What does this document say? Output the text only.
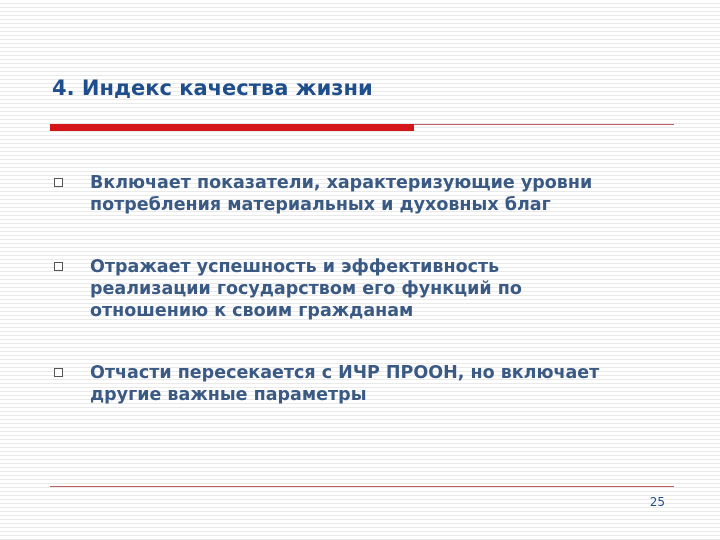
4. Индекс качества жизни
Включает показатели, характеризующие уровни
потребления материальных и духовных благ
Отражает успешность и эффективность
реализации государством его функций по
отношению к своим гражданам
Отчасти пересекается с ИЧР ПРООН, но включает
другие важные параметры
25
